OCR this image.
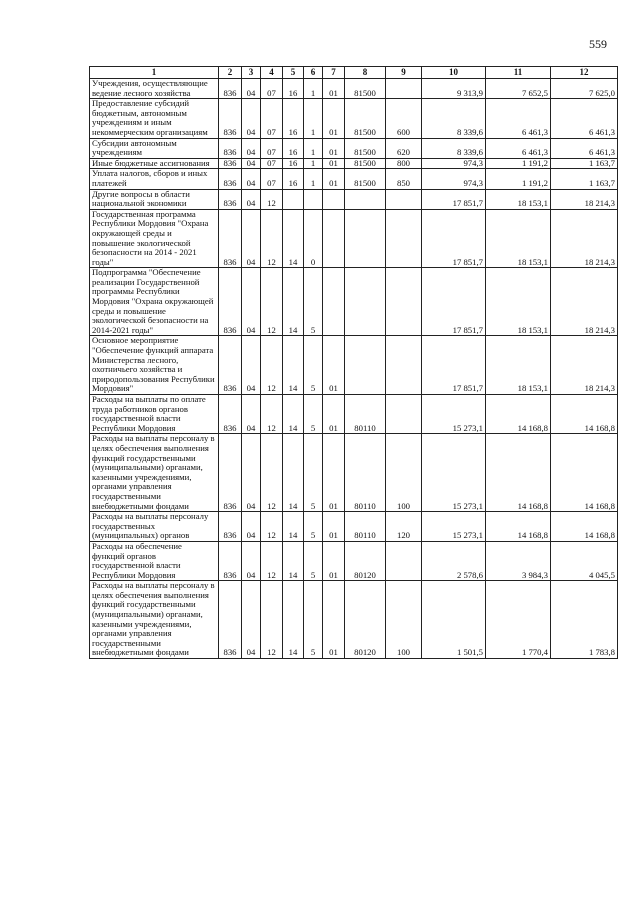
559
1	2	3	4	5	6	7	8	9	10	11	12
Учреждения, осуществляющие ведение лесного хозяйства	836	04	07	16	1	01	81500		9 313,9	7 652,5	7 625,0
Предоставление субсидий бюджетным, автономным учреждениям и иным некоммерческим организациям	836	04	07	16	1	01	81500	600	8 339,6	6 461,3	6 461,3
Субсидии автономным учреждениям	836	04	07	16	1	01	81500	620	8 339,6	6 461,3	6 461,3
Иные бюджетные ассигнования	836	04	07	16	1	01	81500	800	974,3	1 191,2	1 163,7
Уплата налогов, сборов и иных платежей	836	04	07	16	1	01	81500	850	974,3	1 191,2	1 163,7
Другие вопросы в области национальной экономики	836	04	12						17 851,7	18 153,1	18 214,3
Государственная программа Республики Мордовия "Охрана окружающей среды и повышение экологической безопасности на 2014 - 2021 годы"	836	04	12	14	0				17 851,7	18 153,1	18 214,3
Подпрограмма "Обеспечение реализации Государственной программы Республики Мордовия "Охрана окружающей среды и повышение экологической безопасности на 2014-2021 годы"	836	04	12	14	5				17 851,7	18 153,1	18 214,3
Основное мероприятие "Обеспечение функций аппарата Министерства лесного, охотничьего хозяйства и природопользования Республики Мордовия"	836	04	12	14	5	01			17 851,7	18 153,1	18 214,3
Расходы на выплаты по оплате труда работников органов государственной власти Республики Мордовия	836	04	12	14	5	01	80110		15 273,1	14 168,8	14 168,8
Расходы на выплаты персоналу в целях обеспечения выполнения функций государственными (муниципальными) органами, казенными учреждениями, органами управления государственными внебюджетными фондами	836	04	12	14	5	01	80110	100	15 273,1	14 168,8	14 168,8
Расходы на выплаты персоналу государственных (муниципальных) органов	836	04	12	14	5	01	80110	120	15 273,1	14 168,8	14 168,8
Расходы на обеспечение функций органов государственной власти Республики Мордовия	836	04	12	14	5	01	80120		2 578,6	3 984,3	4 045,5
Расходы на выплаты персоналу в целях обеспечения выполнения функций государственными (муниципальными) органами, казенными учреждениями, органами управления государственными внебюджетными фондами	836	04	12	14	5	01	80120	100	1 501,5	1 770,4	1 783,8
